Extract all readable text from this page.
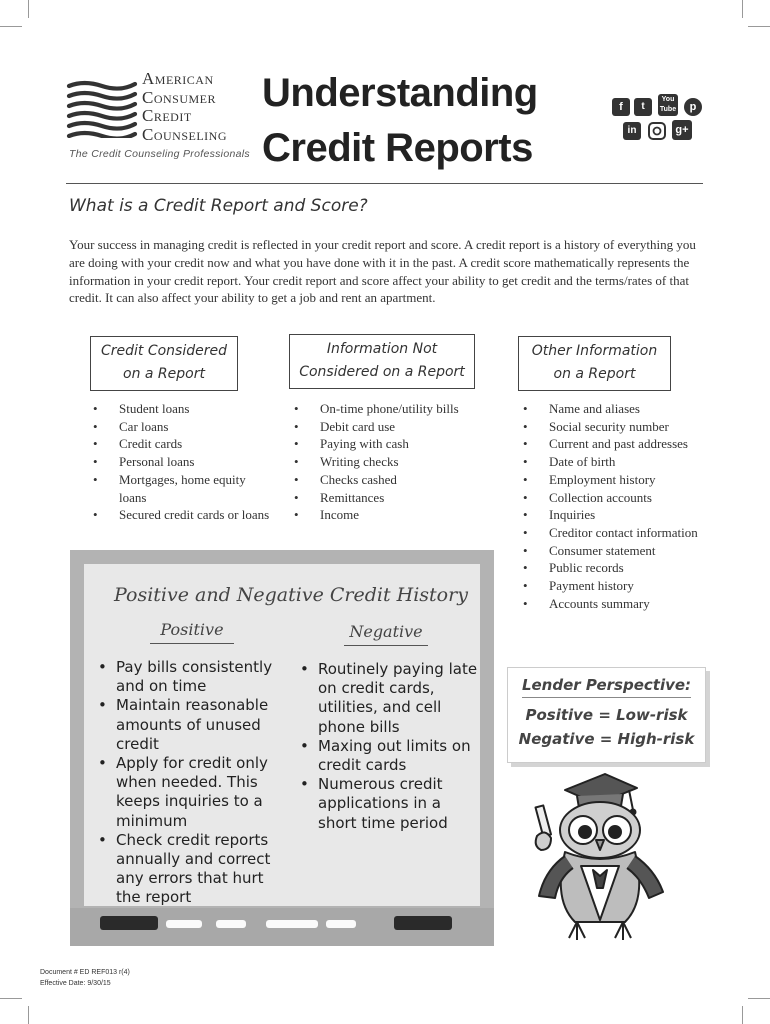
American
Consumer
Credit
Counseling
The Credit Counseling Professionals
Understanding
Credit Reports
f	t
You
Tube	p
in	g+
What is a Credit Report and Score?

Your success in managing credit is reflected in your credit report and score. A credit report is a history of everything you are doing with your credit now and what you have done with it in the past. A credit score mathematically represents the information in your credit report. Your credit report and score affect your ability to get credit and the terms/rates of that credit. It can also affect your ability to get a job and rent an apartment.

Credit Considered
on a Report
Information Not
Considered on a Report
Other Information
on a Report
• Student loans
• Car loans
• Credit cards
• Personal loans
• Mortgages, home equity loans
• Secured credit cards or loans
• On-time phone/utility bills
• Debit card use
• Paying with cash
• Writing checks
• Checks cashed
• Remittances
• Income
• Name and aliases
• Social security number
• Current and past addresses
• Date of birth
• Employment history
• Collection accounts
• Inquiries
• Creditor contact information
• Consumer statement
• Public records
• Payment history
• Accounts summary
Positive and Negative Credit History
Positive	Negative
• Pay bills consistently and on time
• Maintain reasonable amounts of unused credit
• Apply for credit only when needed. This keeps inquiries to a minimum
• Check credit reports annually and correct any errors that hurt the report
• Routinely paying late on credit cards, utilities, and cell phone bills
• Maxing out limits on credit cards
• Numerous credit applications in a short time period
Lender Perspective:
Positive = Low-risk
Negative = High-risk
Document # ED REF013 r(4)
Effective Date: 9/30/15
